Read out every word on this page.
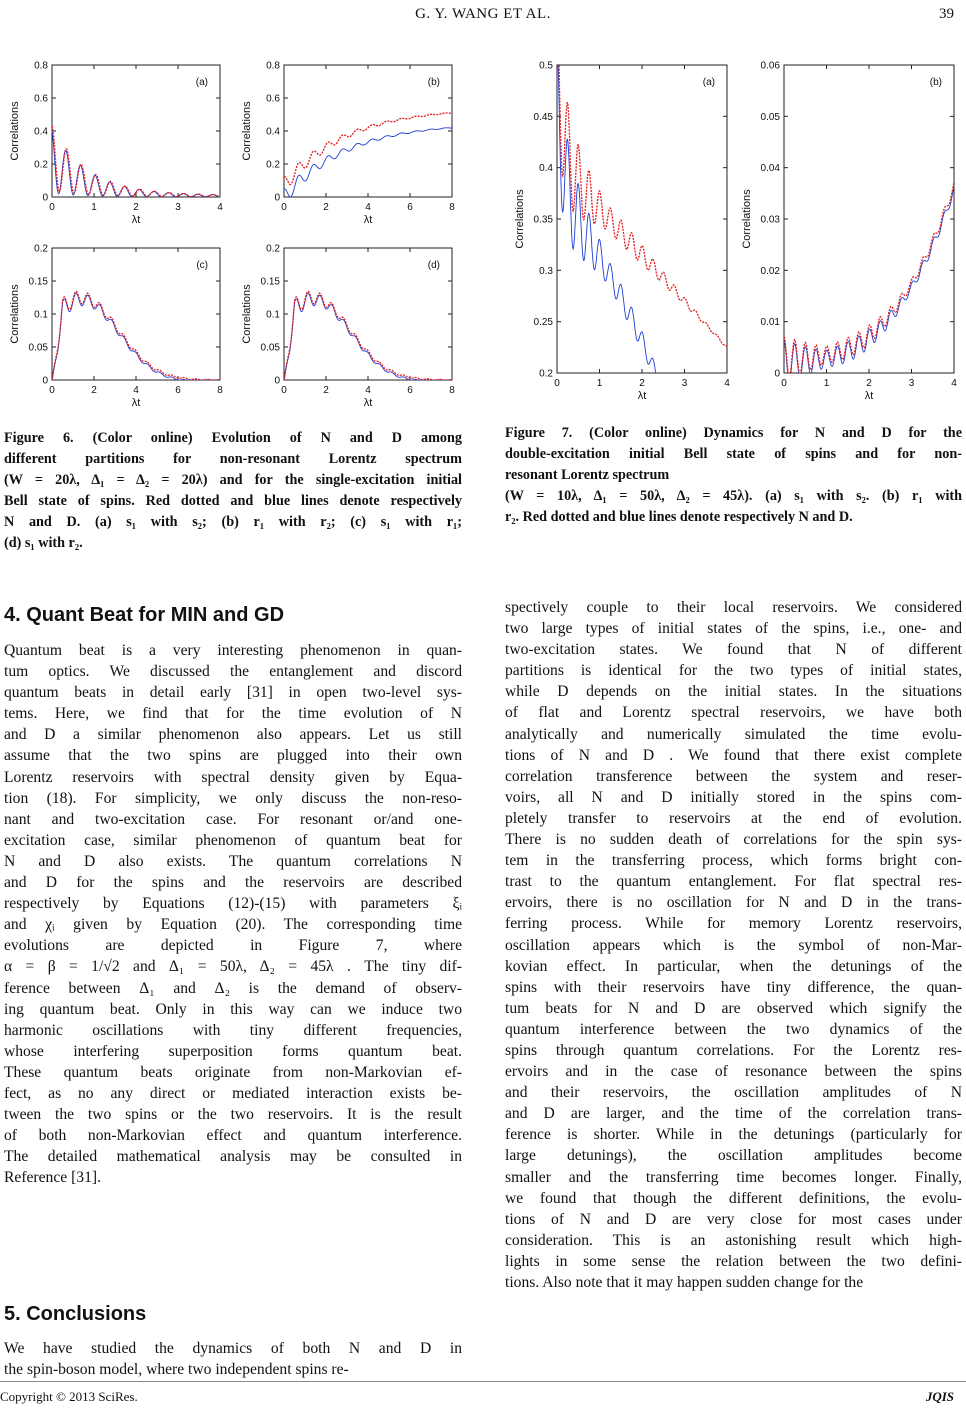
G. Y. WANG ET AL.	39
0
0.2
0.4
0.6
0.8
0	1	2	3	4
λt
Correlations
(a)
0
0.2
0.4
0.6
0.8
0	2	4	6	8
λt
Correlations
(b)
0
0.05
0.1
0.15
0.2
0	2	4	6	8
λt
Correlations
(c)
0
0.05
0.1
0.15
0.2
0	2	4	6	8
λt
Correlations
(d)
0.2
0.25
0.3
0.35
0.4
0.45
0.5
0	1	2	3	4
λt
Correlations
(a)
0
0.01
0.02
0.03
0.04
0.05
0.06
0	1	2	3	4
λt
Correlations
(b)
Figure 6. (Color online) Evolution of N and D among
different partitions for non-resonant Lorentz spectrum
(W = 20λ, Δ₁ = Δ₂ = 20λ) and for the single-excitation initial
Bell state of spins. Red dotted and blue lines denote respectively
N and D. (a) s₁ with s₂; (b) r₁ with r₂; (c) s₁ with r₁;
(d) s₁ with r₂.
Figure 7. (Color online) Dynamics for N and D for the
double-excitation initial Bell state of spins and for non-
resonant Lorentz spectrum
(W = 10λ, Δ₁ = 50λ, Δ₂ = 45λ). (a) s₁ with s₂. (b) r₁ with
r₂. Red dotted and blue lines denote respectively N and D.
4. Quant Beat for MIN and GD
Quantum beat is a very interesting phenomenon in quan-
tum optics. We discussed the entanglement and discord
quantum beats in detail early [31] in open two-level sys-
tems. Here, we find that for the time evolution of N
and D a similar phenomenon also appears. Let us still
assume that the two spins are plugged into their own
Lorentz reservoirs with spectral density given by Equa-
tion (18). For simplicity, we only discuss the non-reso-
nant and two-excitation case. For resonant or/and one-
excitation case, similar phenomenon of quantum beat for
N and D also exists. The quantum correlations N
and D for the spins and the reservoirs are described
respectively by Equations (12)-(15) with parameters ξᵢ
and χᵢ given by Equation (20). The corresponding time
evolutions are depicted in Figure 7, where
α = β = 1/√2 and Δ₁ = 50λ, Δ₂ = 45λ . The tiny dif-
ference between Δ₁ and Δ₂ is the demand of observ-
ing quantum beat. Only in this way can we induce two
harmonic oscillations with tiny different frequencies,
whose interfering superposition forms quantum beat.
These quantum beats originate from non-Markovian ef-
fect, as no any direct or mediated interaction exists be-
tween the two spins or the two reservoirs. It is the result
of both non-Markovian effect and quantum interference.
The detailed mathematical analysis may be consulted in
Reference [31].
5. Conclusions
We have studied the dynamics of both N and D in
the spin-boson model, where two independent spins re-
spectively couple to their local reservoirs. We considered
two large types of initial states of the spins, i.e., one- and
two-excitation states. We found that N of different
partitions is identical for the two types of initial states,
while D depends on the initial states. In the situations
of flat and Lorentz spectral reservoirs, we have both
analytically and numerically simulated the time evolu-
tions of N and D . We found that there exist complete
correlation transference between the system and reser-
voirs, all N and D initially stored in the spins com-
pletely transfer to reservoirs at the end of evolution.
There is no sudden death of correlations for the spin sys-
tem in the transferring process, which forms bright con-
trast to the quantum entanglement. For flat spectral res-
ervoirs, there is no oscillation for N and D in the trans-
ferring process. While for memory Lorentz reservoirs,
oscillation appears which is the symbol of non-Mar-
kovian effect. In particular, when the detunings of the
spins with their reservoirs have tiny difference, the quan-
tum beats for N and D are observed which signify the
quantum interference between the two dynamics of the
spins through quantum correlations. For the Lorentz res-
ervoirs and in the case of resonance between the spins
and their reservoirs, the oscillation amplitudes of N
and D are larger, and the time of the correlation trans-
ference is shorter. While in the detunings (particularly for
large detunings), the oscillation amplitudes become
smaller and the transferring time becomes longer. Finally,
we found that though the different definitions, the evolu-
tions of N and D are very close for most cases under
consideration. This is an astonishing result which high-
lights in some sense the relation between the two defini-
tions. Also note that it may happen sudden change for the
Copyright © 2013 SciRes.	JQIS
